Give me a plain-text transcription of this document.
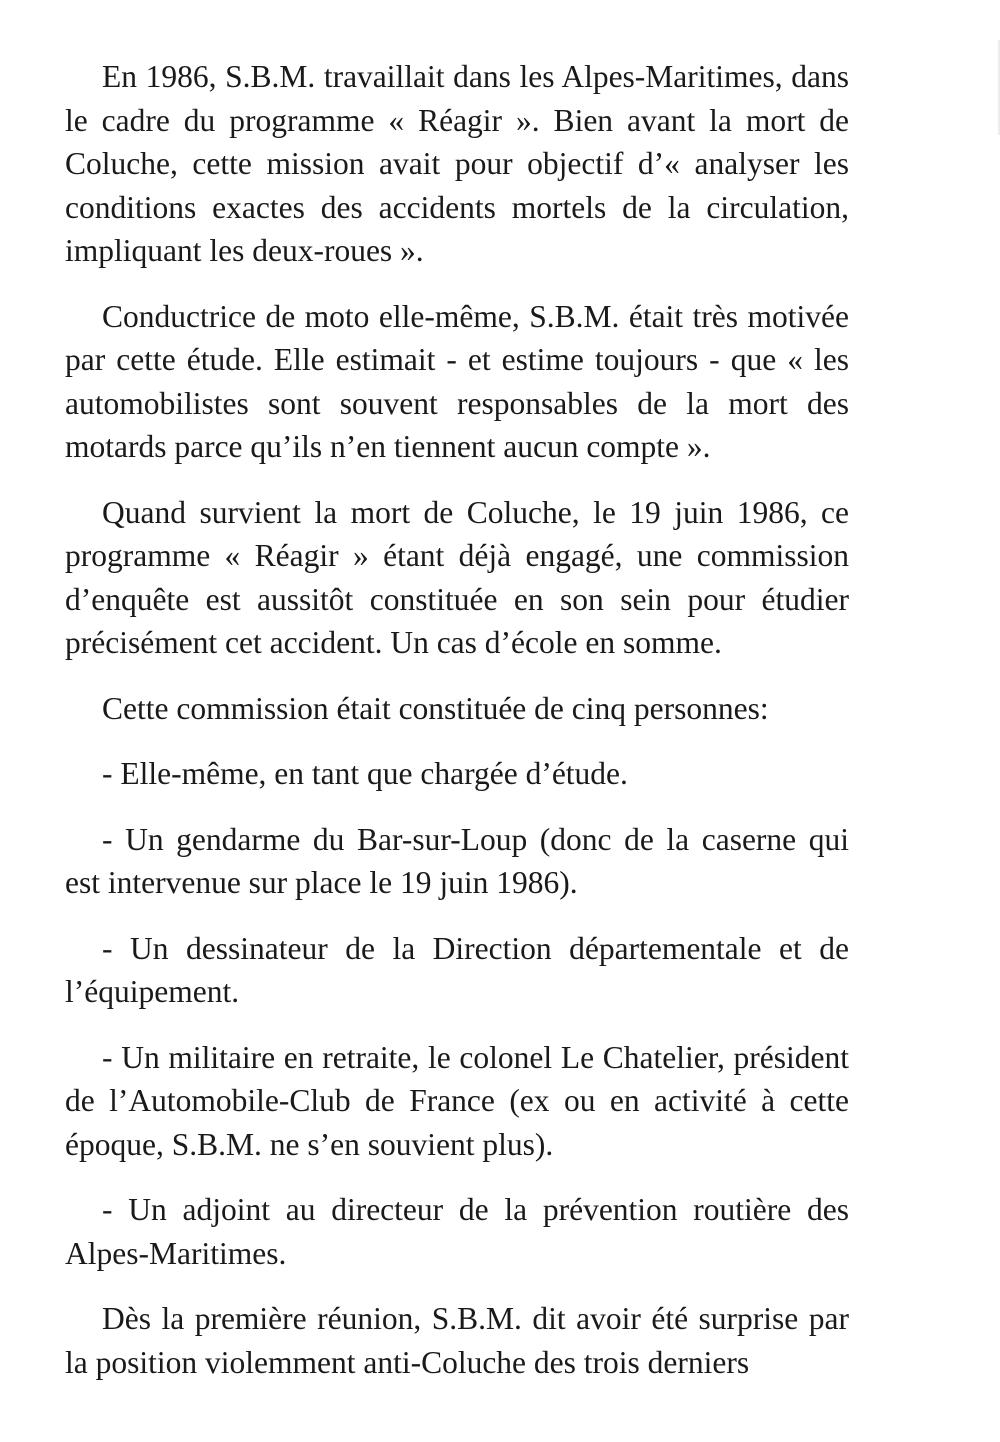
En 1986, S.B.M. travaillait dans les Alpes-Maritimes, dans le cadre du programme « Réagir ». Bien avant la mort de Coluche, cette mission avait pour objectif d’« analyser les conditions exactes des accidents mortels de la circulation, impliquant les deux-roues ».

Conductrice de moto elle-même, S.B.M. était très motivée par cette étude. Elle estimait - et estime toujours - que « les automobilistes sont souvent responsables de la mort des motards parce qu’ils n’en tiennent aucun compte ».

Quand survient la mort de Coluche, le 19 juin 1986, ce programme « Réagir » étant déjà engagé, une commission d’enquête est aussitôt constituée en son sein pour étudier précisément cet accident. Un cas d’école en somme.

Cette commission était constituée de cinq personnes:

- Elle-même, en tant que chargée d’étude.

- Un gendarme du Bar-sur-Loup (donc de la caserne qui est intervenue sur place le 19 juin 1986).

- Un dessinateur de la Direction départementale et de l’équipement.

- Un militaire en retraite, le colonel Le Chatelier, président de l’Automobile-Club de France (ex ou en activité à cette époque, S.B.M. ne s’en souvient plus).

- Un adjoint au directeur de la prévention routière des Alpes-Maritimes.

Dès la première réunion, S.B.M. dit avoir été surprise par la position violemment anti-Coluche des trois derniers
